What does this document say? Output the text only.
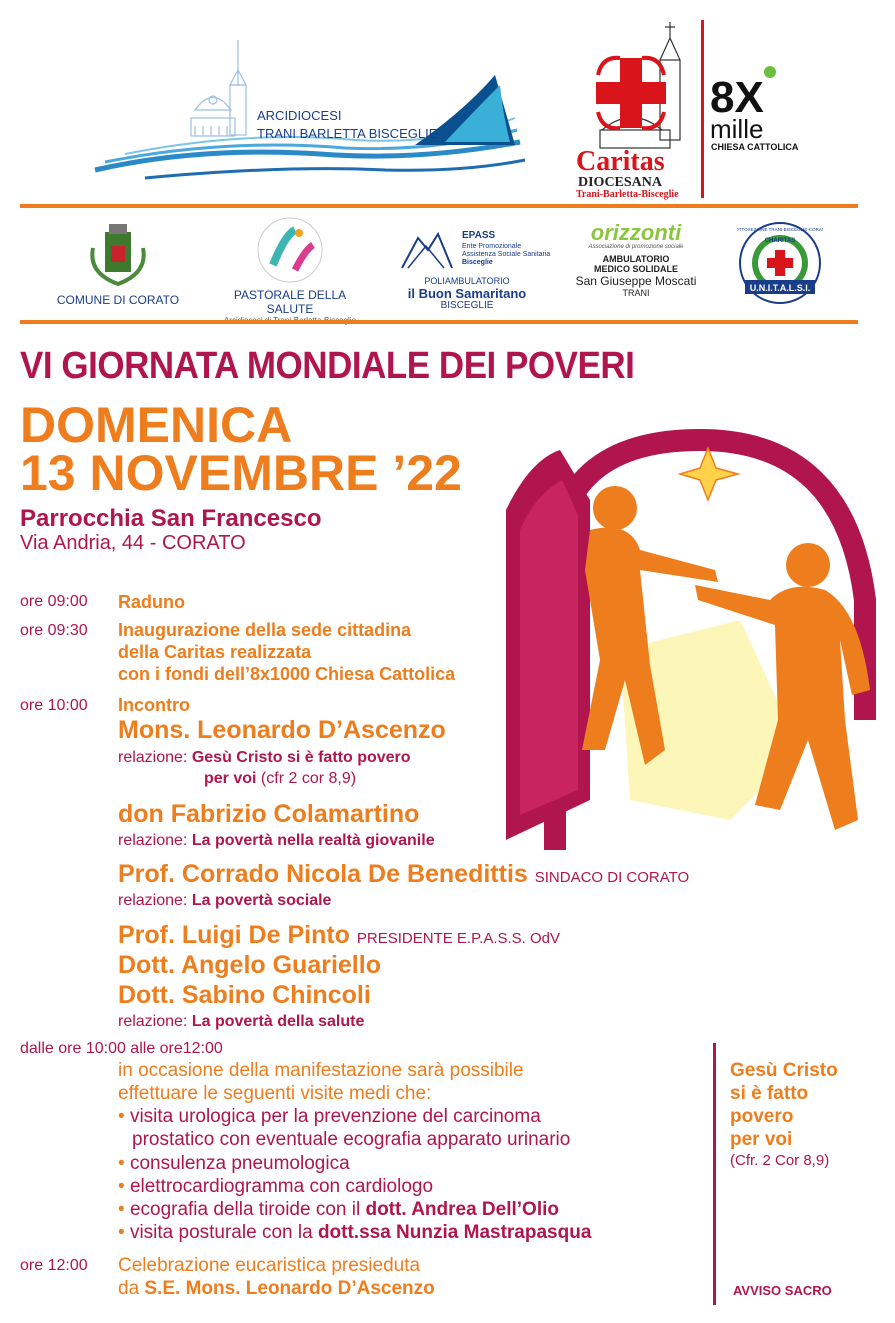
ARCIDIOCESI
TRANI BARLETTA BISCEGLIE
Caritas
DIOCESANA
Trani-Barletta-Bisceglie
8X
mille
CHIESA CATTOLICA
COMUNE DI CORATO	PASTORALE DELLA SALUTE
EPASS
Ente Promozionale
Assistenza Sociale Sanitaria
Bisceglie
POLIAMBULATORIO
il Buon Samaritano
BISCEGLIE
orizzonti
Associazione di promozione sociale
AMBULATORIO
MEDICO SOLIDALE
San Giuseppe Moscati
TRANI	U.N.I.T.A.L.S.I.
CHARITAS
SOTTOSEZIONE TRANI-BISCEGLIE-CORATO
VI GIORNATA MONDIALE DEI POVERI
DOMENICA
13 NOVEMBRE ’22
Parrocchia San Francesco
Via Andria, 44 - CORATO
ore 09:00 Raduno
ore 09:30 Inaugurazione della sede cittadina
della Caritas realizzata
con i fondi dell’8x1000 Chiesa Cattolica
ore 10:00 Incontro
Mons. Leonardo D’Ascenzo
relazione: Gesù Cristo si è fatto povero
per voi (cfr 2 cor 8,9)
don Fabrizio Colamartino
relazione: La povertà nella realtà giovanile
Prof. Corrado Nicola De Benedittis SINDACO DI CORATO
relazione: La povertà sociale
Prof. Luigi De Pinto PRESIDENTE E.P.A.S.S. OdV
Dott. Angelo Guariello
Dott. Sabino Chincoli
relazione: La povertà della salute
dalle ore 10:00 alle ore12:00
in occasione della manifestazione sarà possibile
effettuare le seguenti visite medi che:
• visita urologica per la prevenzione del carcinoma
prostatico con eventuale ecografia apparato urinario
• consulenza pneumologica
• elettrocardiogramma con cardiologo
• ecografia della tiroide con il dott. Andrea Dell’Olio
• visita posturale con la dott.ssa Nunzia Mastrapasqua
ore 12:00 Celebrazione eucaristica presieduta
da S.E. Mons. Leonardo D’Ascenzo
Gesù Cristo
si è fatto
povero
per voi
(Cfr. 2 Cor 8,9)
AVVISO SACRO
